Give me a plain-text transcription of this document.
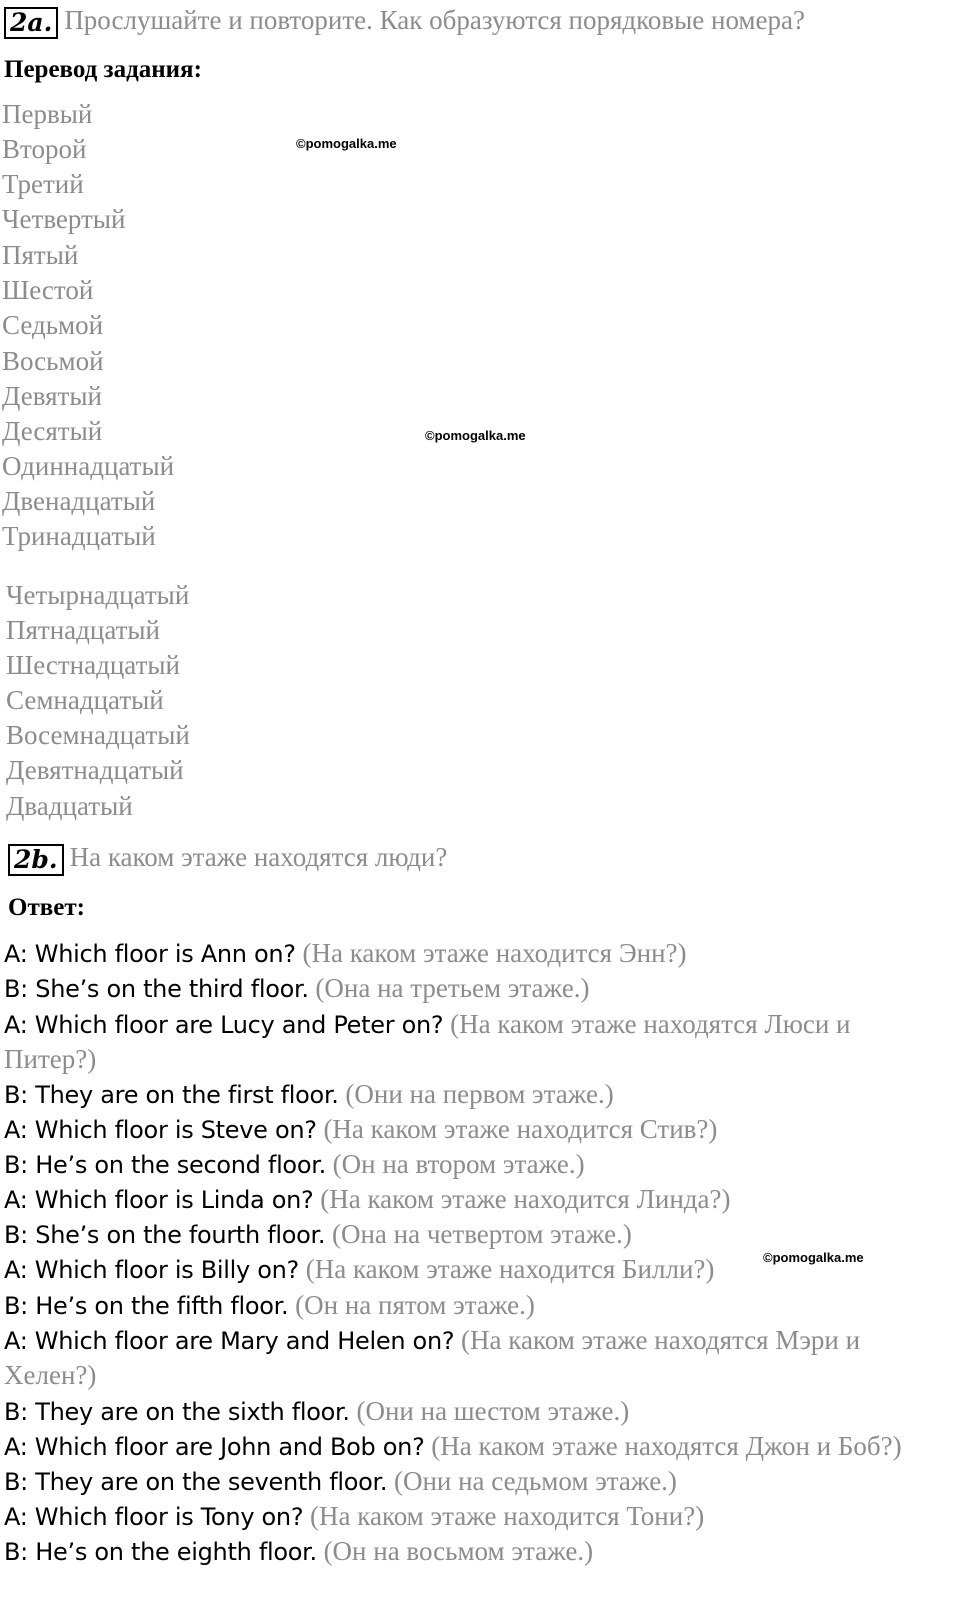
2a. Прослушайте и повторите. Как образуются порядковые номера?
Перевод задания:
Первый
Второй
Третий
Четвертый
Пятый
Шестой
Седьмой
Восьмой
Девятый
Десятый
Одиннадцатый
Двенадцатый
Тринадцатый
Четырнадцатый
Пятнадцатый
Шестнадцатый
Семнадцатый
Восемнадцатый
Девятнадцатый
Двадцатый
2b. На каком этаже находятся люди?
Ответ:
A: Which floor is Ann on? (На каком этаже находится Энн?)
B: She’s on the third floor. (Она на третьем этаже.)
A: Which floor are Lucy and Peter on? (На каком этаже находятся Люси и
Питер?)
B: They are on the first floor. (Они на первом этаже.)
A: Which floor is Steve on? (На каком этаже находится Стив?)
B: He’s on the second floor. (Он на втором этаже.)
A: Which floor is Linda on? (На каком этаже находится Линда?)
B: She’s on the fourth floor. (Она на четвертом этаже.)
A: Which floor is Billy on? (На каком этаже находится Билли?)
B: He’s on the fifth floor. (Он на пятом этаже.)
A: Which floor are Mary and Helen on? (На каком этаже находятся Мэри и
Хелен?)
B: They are on the sixth floor. (Они на шестом этаже.)
A: Which floor are John and Bob on? (На каком этаже находятся Джон и Боб?)
B: They are on the seventh floor. (Они на седьмом этаже.)
A: Which floor is Tony on? (На каком этаже находится Тони?)
B: He’s on the eighth floor. (Он на восьмом этаже.)
©pomogalka.me
©pomogalka.me
©pomogalka.me
